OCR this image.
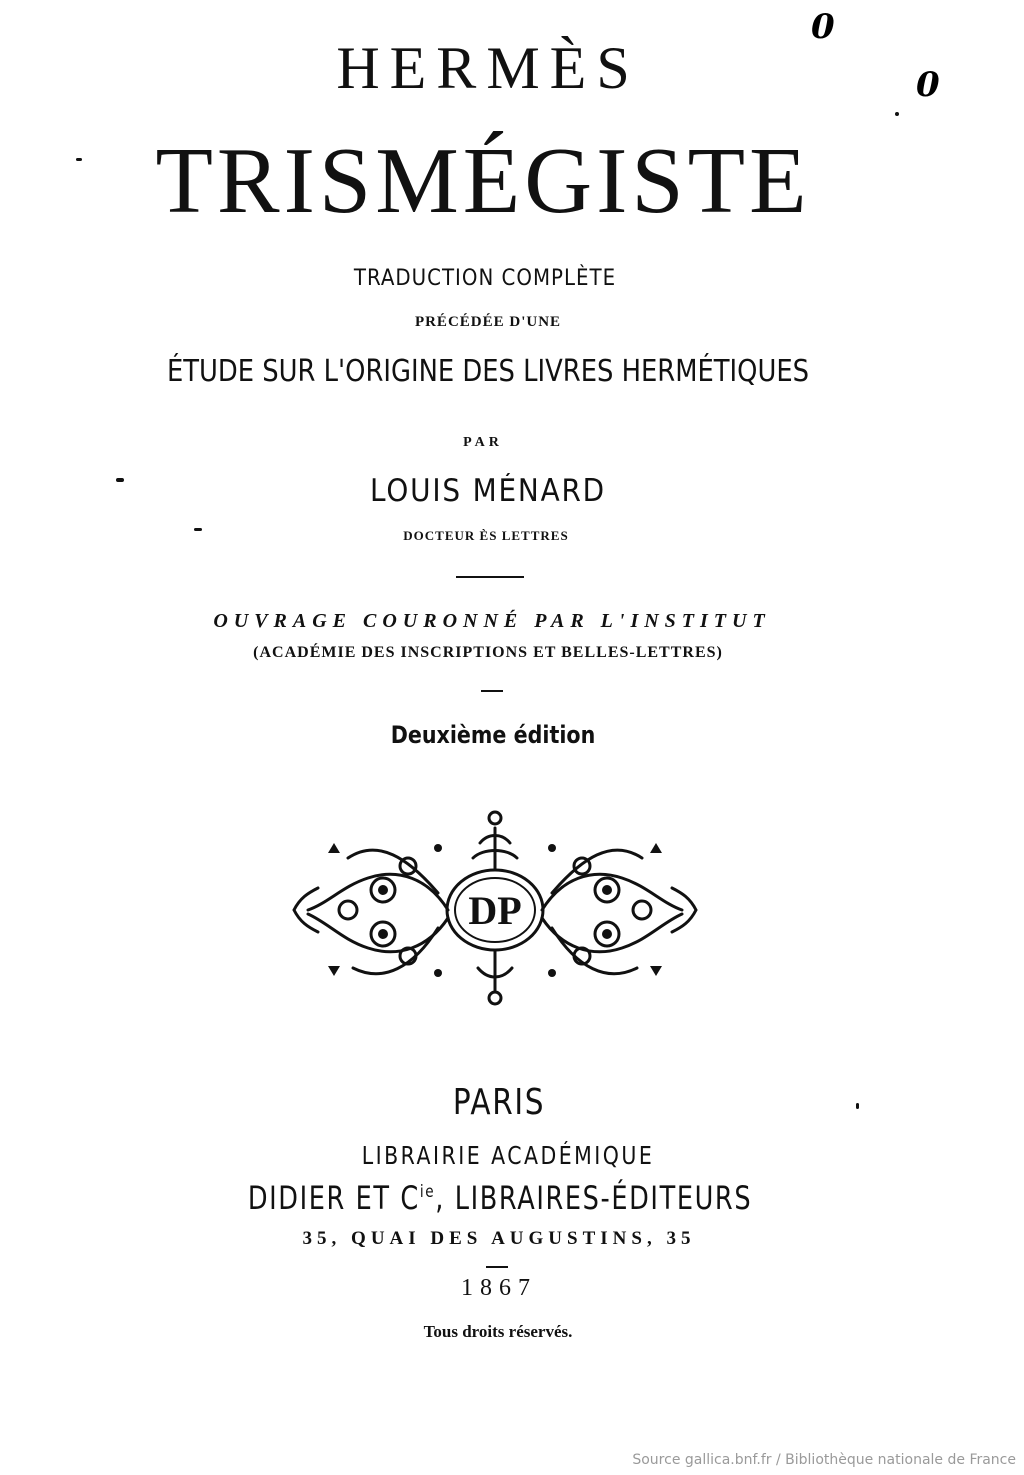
0
0
HERMÈS
TRISMÉGISTE
TRADUCTION COMPLÈTE
PRÉCÉDÉE D'UNE
ÉTUDE SUR L'ORIGINE DES LIVRES HERMÉTIQUES
PAR
LOUIS MÉNARD
DOCTEUR ÈS LETTRES
OUVRAGE COURONNÉ PAR L'INSTITUT
(ACADÉMIE DES INSCRIPTIONS ET BELLES-LETTRES)
Deuxième édition
DP
PARIS
LIBRAIRIE ACADÉMIQUE
DIDIER ET $C^{ie}$, LIBRAIRES-ÉDITEURS
35, QUAI DES AUGUSTINS, 35
1867
Tous droits réservés.
Source gallica.bnf.fr / Bibliothèque nationale de France
